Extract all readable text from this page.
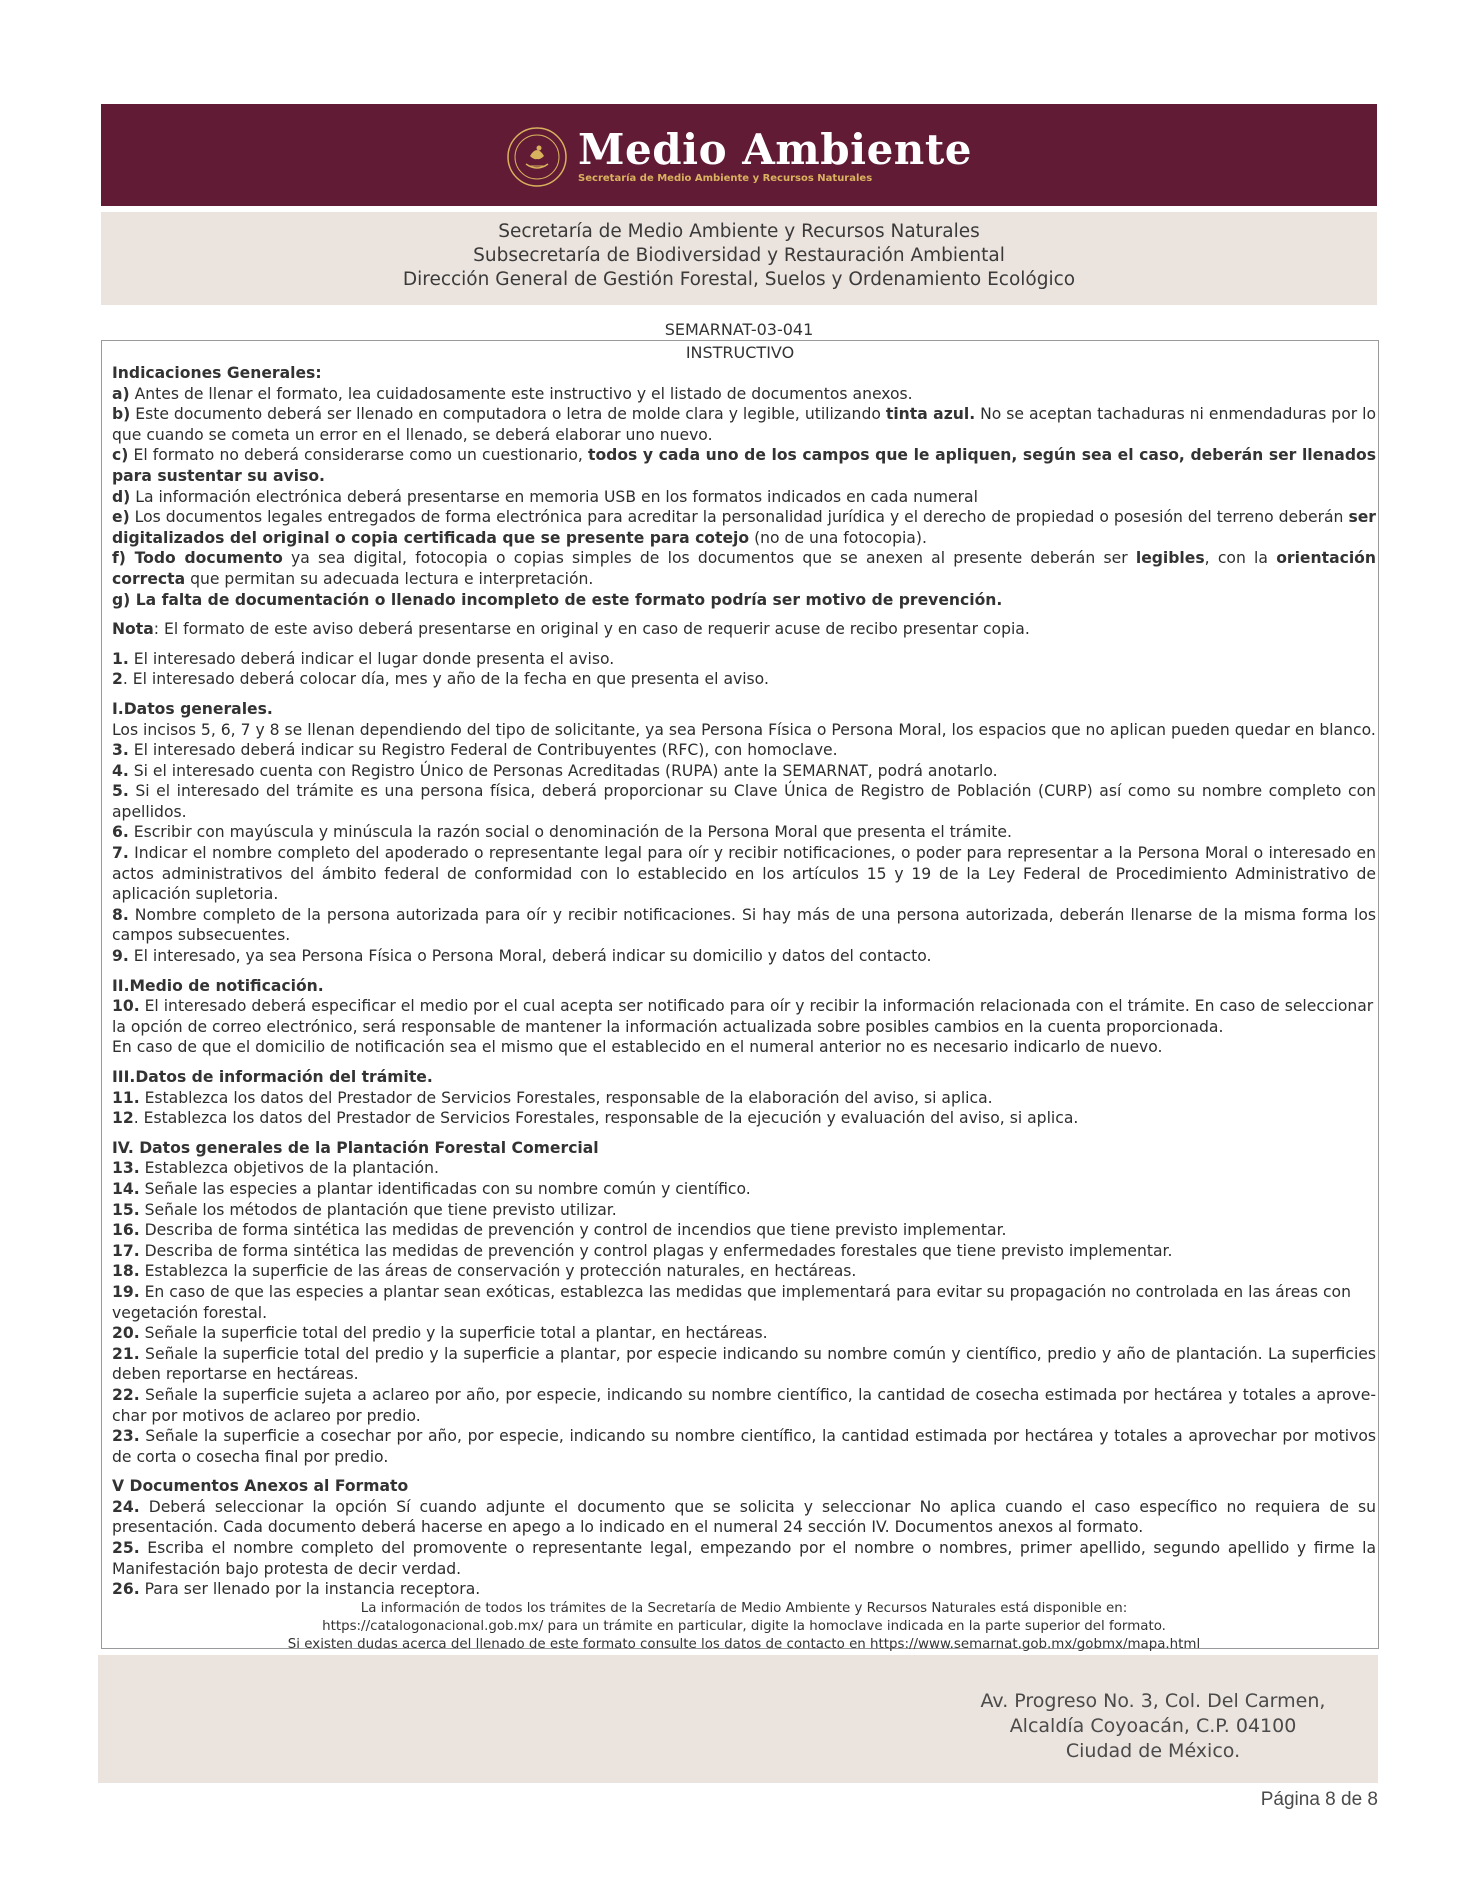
Medio Ambiente
Secretaría de Medio Ambiente y Recursos Naturales
Secretaría de Medio Ambiente y Recursos Naturales
Subsecretaría de Biodiversidad y Restauración Ambiental
Dirección General de Gestión Forestal, Suelos y Ordenamiento Ecológico
SEMARNAT-03-041
INSTRUCTIVO

Indicaciones Generales:

a) Antes de llenar el formato, lea cuidadosamente este instructivo y el listado de documentos anexos.

b) Este documento deberá ser llenado en computadora o letra de molde clara y legible, utilizando tinta azul. No se aceptan tachaduras ni enmendaduras por lo que cuando se cometa un error en el llenado, se deberá elaborar uno nuevo.

c) El formato no deberá considerarse como un cuestionario, todos y cada uno de los campos que le apliquen, según sea el caso, deberán ser llenados para sustentar su aviso.

d) La información electrónica deberá presentarse en memoria USB en los formatos indicados en cada numeral

e) Los documentos legales entregados de forma electrónica para acreditar la personalidad jurídica y el derecho de propiedad o posesión del terreno deberán ser digitalizados del original o copia certificada que se presente para cotejo (no de una fotocopia).

f) Todo documento ya sea digital, fotocopia o copias simples de los documentos que se anexen al presente deberán ser legibles, con la orientación correcta que permitan su adecuada lectura e interpretación.

g) La falta de documentación o llenado incompleto de este formato podría ser motivo de prevención.

Nota: El formato de este aviso deberá presentarse en original y en caso de requerir acuse de recibo presentar copia.

1. El interesado deberá indicar el lugar donde presenta el aviso.

2. El interesado deberá colocar día, mes y año de la fecha en que presenta el aviso.

I.Datos generales.

Los incisos 5, 6, 7 y 8 se llenan dependiendo del tipo de solicitante, ya sea Persona Física o Persona Moral, los espacios que no aplican pueden quedar en blanco.

3. El interesado deberá indicar su Registro Federal de Contribuyentes (RFC), con homoclave.

4. Si el interesado cuenta con Registro Único de Personas Acreditadas (RUPA) ante la SEMARNAT, podrá anotarlo.

5. Si el interesado del trámite es una persona física, deberá proporcionar su Clave Única de Registro de Población (CURP) así como su nombre completo con apellidos.

6. Escribir con mayúscula y minúscula la razón social o denominación de la Persona Moral que presenta el trámite.

7. Indicar el nombre completo del apoderado o representante legal para oír y recibir notificaciones, o poder para representar a la Persona Moral o interesado en actos administrativos del ámbito federal de conformidad con lo establecido en los artículos 15 y 19 de la Ley Federal de Procedimiento Administrativo de aplicación supletoria.

8. Nombre completo de la persona autorizada para oír y recibir notificaciones. Si hay más de una persona autorizada, deberán llenarse de la misma forma los campos subsecuentes.

9. El interesado, ya sea Persona Física o Persona Moral, deberá indicar su domicilio y datos del contacto.

II.Medio de notificación.

10. El interesado deberá especificar el medio por el cual acepta ser notificado para oír y recibir la información relacionada con el trámite. En caso de seleccionar la opción de correo electrónico, será responsable de mantener la información actualizada sobre posibles cambios en la cuenta proporcionada.

En caso de que el domicilio de notificación sea el mismo que el establecido en el numeral anterior no es necesario indicarlo de nuevo.

III.Datos de información del trámite.

11. Establezca los datos del Prestador de Servicios Forestales, responsable de la elaboración del aviso, si aplica.

12. Establezca los datos del Prestador de Servicios Forestales, responsable de la ejecución y evaluación del aviso, si aplica.

IV. Datos generales de la Plantación Forestal Comercial

13. Establezca objetivos de la plantación.

14. Señale las especies a plantar identificadas con su nombre común y científico.

15. Señale los métodos de plantación que tiene previsto utilizar.

16. Describa de forma sintética las medidas de prevención y control de incendios que tiene previsto implementar.

17. Describa de forma sintética las medidas de prevención y control plagas y enfermedades forestales que tiene previsto implementar.

18. Establezca la superficie de las áreas de conservación y protección naturales, en hectáreas.

19. En caso de que las especies a plantar sean exóticas, establezca las medidas que implementará para evitar su propagación no controlada en las áreas con vegetación forestal.

20. Señale la superficie total del predio y la superficie total a plantar, en hectáreas.

21. Señale la superficie total del predio y la superficie a plantar, por especie indicando su nombre común y científico, predio y año de plantación. La superficies deben reportarse en hectáreas.

22. Señale la superficie sujeta a aclareo por año, por especie, indicando su nombre científico, la cantidad de cosecha estimada por hectárea y totales a aprove-char por motivos de aclareo por predio.

23. Señale la superficie a cosechar por año, por especie, indicando su nombre científico, la cantidad estimada por hectárea y totales a aprovechar por motivos de corta o cosecha final por predio.

V Documentos Anexos al Formato

24. Deberá seleccionar la opción Sí cuando adjunte el documento que se solicita y seleccionar No aplica cuando el caso específico no requiera de su presentación. Cada documento deberá hacerse en apego a lo indicado en el numeral 24 sección IV. Documentos anexos al formato.

25. Escriba el nombre completo del promovente o representante legal, empezando por el nombre o nombres, primer apellido, segundo apellido y firme la Manifestación bajo protesta de decir verdad.

26. Para ser llenado por la instancia receptora.

La información de todos los trámites de la Secretaría de Medio Ambiente y Recursos Naturales está disponible en:

https://catalogonacional.gob.mx/ para un trámite en particular, digite la homoclave indicada en la parte superior del formato.

Si existen dudas acerca del llenado de este formato consulte los datos de contacto en https://www.semarnat.gob.mx/gobmx/mapa.html

Av. Progreso No. 3, Col. Del Carmen,
Alcaldía Coyoacán, C.P. 04100
Ciudad de México.
Página 8 de 8
